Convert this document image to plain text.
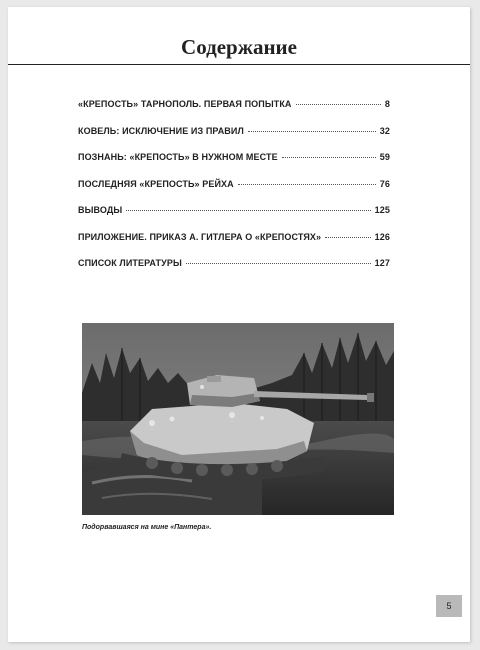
Содержание
«КРЕПОСТЬ» ТАРНОПОЛЬ. ПЕРВАЯ ПОПЫТКА	8
КОВЕЛЬ: ИСКЛЮЧЕНИЕ ИЗ ПРАВИЛ	32
ПОЗНАНЬ: «КРЕПОСТЬ» В НУЖНОМ МЕСТЕ	59
ПОСЛЕДНЯЯ «КРЕПОСТЬ» РЕЙХА	76
ВЫВОДЫ	125
ПРИЛОЖЕНИЕ. ПРИКАЗ А. ГИТЛЕРА О «КРЕПОСТЯХ»	126
СПИСОК ЛИТЕРАТУРЫ	127

Подорвавшаяся на мине «Пантера».

5
